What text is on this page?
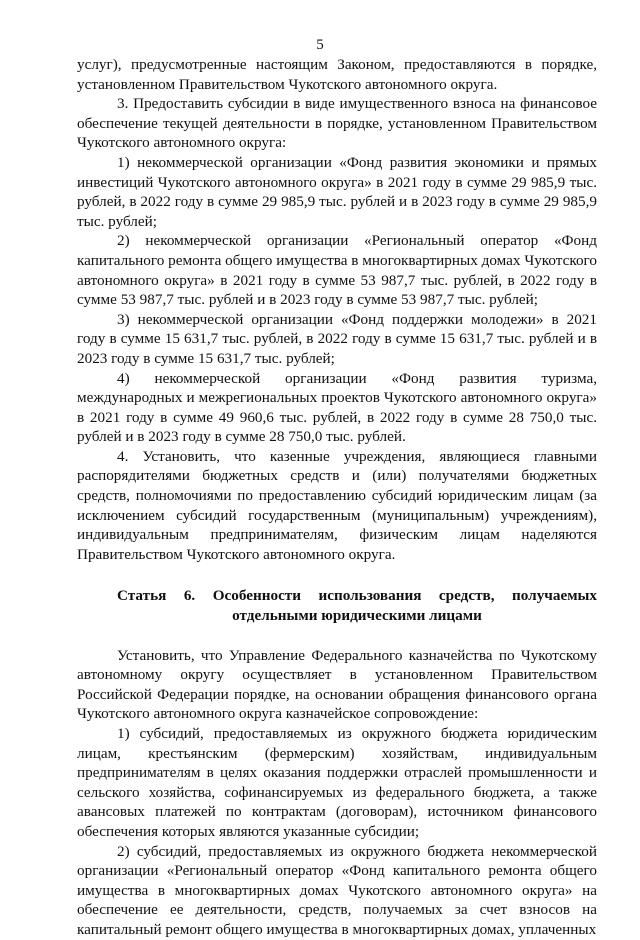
5

услуг), предусмотренные настоящим Законом, предоставляются в порядке, установленном Правительством Чукотского автономного округа.

3. Предоставить субсидии в виде имущественного взноса на финансовое обеспечение текущей деятельности в порядке, установленном Правительством Чукотского автономного округа:

1) некоммерческой организации «Фонд развития экономики и прямых инвестиций Чукотского автономного округа» в 2021 году в сумме 29 985,9 тыс. рублей, в 2022 году в сумме 29 985,9 тыс. рублей и в 2023 году в сумме 29 985,9 тыс. рублей;

2) некоммерческой организации «Региональный оператор «Фонд капитального ремонта общего имущества в многоквартирных домах Чукотского автономного округа» в 2021 году в сумме 53 987,7 тыс. рублей, в 2022 году в сумме 53 987,7 тыс. рублей и в 2023 году в сумме 53 987,7 тыс. рублей;

3) некоммерческой организации «Фонд поддержки молодежи» в 2021 году в сумме 15 631,7 тыс. рублей, в 2022 году в сумме 15 631,7 тыс. рублей и в 2023 году в сумме 15 631,7 тыс. рублей;

4) некоммерческой организации «Фонд развития туризма, международных и межрегиональных проектов Чукотского автономного округа» в 2021 году в сумме 49 960,6 тыс. рублей, в 2022 году в сумме 28 750,0 тыс. рублей и в 2023 году в сумме 28 750,0 тыс. рублей.

4. Установить, что казенные учреждения, являющиеся главными распорядителями бюджетных средств и (или) получателями бюджетных средств, полномочиями по предоставлению субсидий юридическим лицам (за исключением субсидий государственным (муниципальным) учреждениям), индивидуальным предпринимателям, физическим лицам наделяются Правительством Чукотского автономного округа.

Статья 6. Особенности использования средств, получаемых отдельными юридическими лицами

Установить, что Управление Федерального казначейства по Чукотскому автономному округу осуществляет в установленном Правительством Российской Федерации порядке, на основании обращения финансового органа Чукотского автономного округа казначейское сопровождение:

1) субсидий, предоставляемых из окружного бюджета юридическим лицам, крестьянским (фермерским) хозяйствам, индивидуальным предпринимателям в целях оказания поддержки отраслей промышленности и сельского хозяйства, софинансируемых из федерального бюджета, а также авансовых платежей по контрактам (договорам), источником финансового обеспечения которых являются указанные субсидии;

2) субсидий, предоставляемых из окружного бюджета некоммерческой организации «Региональный оператор «Фонд капитального ремонта общего имущества в многоквартирных домах Чукотского автономного округа» на обеспечение ее деятельности, средств, получаемых за счет взносов на капитальный ремонт общего имущества в многоквартирных домах, уплаченных
